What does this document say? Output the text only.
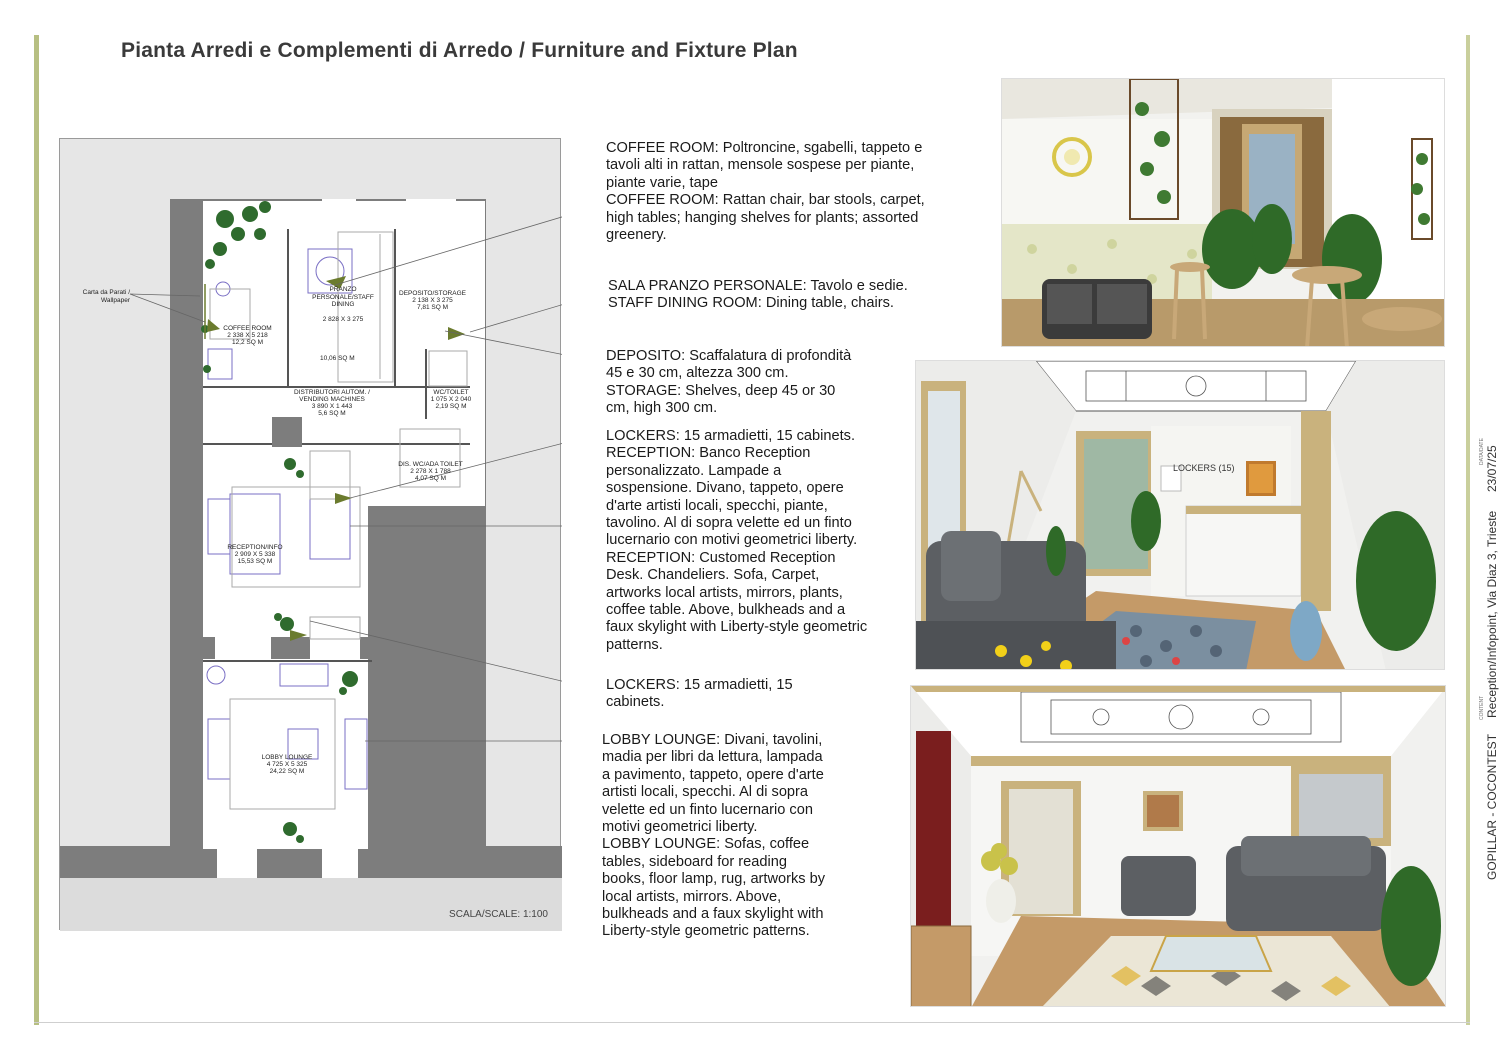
Pianta Arredi e Complementi di Arredo / Furniture and Fixture Plan
Carta da Parati /
Wallpaper
COFFEE ROOM
2 338 X 5 218
12,2 SQ M
PRANZO
PERSONALE/STAFF
DINING
2 828 X 3 275
DEPOSITO/STORAGE
2 138 X 3 275
7,81 SQ M
10,06 SQ M
DISTRIBUTORI AUTOM. /
VENDING MACHINES
3 890 X 1 443
5,6 SQ M
WC/TOILET
1 075 X 2 040
2,19 SQ M
DIS. WC/ADA TOILET
2 278 X 1 788
4,07 SQ M
RECEPTION/INFO
2 909 X 5 338
15,53 SQ M
LOBBY LOUNGE
4 725 X 5 325
24,22 SQ M
SCALA/SCALE: 1:100
COFFEE ROOM: Poltroncine, sgabelli, tappeto e
tavoli alti in rattan, mensole sospese per piante,
piante varie, tape
COFFEE ROOM: Rattan chair, bar stools, carpet,
high tables; hanging shelves for plants; assorted
greenery.
SALA PRANZO PERSONALE: Tavolo e sedie.
STAFF DINING ROOM: Dining table, chairs.
DEPOSITO: Scaffalatura di profondità
45 e 30 cm, altezza 300 cm.
STORAGE: Shelves, deep 45 or 30
cm, high 300 cm.
LOCKERS: 15 armadietti, 15 cabinets.
RECEPTION: Banco Reception
personalizzato. Lampade a
sospensione. Divano, tappeto, opere
d'arte artisti locali, specchi, piante,
tavolino. Al di sopra velette ed un finto
lucernario con motivi geometrici liberty.
RECEPTION: Customed Reception
Desk. Chandeliers. Sofa, Carpet,
artworks local artists, mirrors, plants,
coffee table. Above, bulkheads and a
faux skylight with Liberty-style geometric
patterns.
LOCKERS: 15 armadietti, 15
cabinets.
LOBBY LOUNGE: Divani, tavolini,
madia per libri da lettura, lampada
a pavimento, tappeto, opere d'arte
artisti locali, specchi. Al di sopra
velette ed un finto lucernario con
motivi geometrici liberty.
LOBBY LOUNGE: Sofas, coffee
tables, sideboard for reading
books, floor lamp, rug, artworks by
local artists, mirrors. Above,
bulkheads and a faux skylight with
Liberty-style geometric patterns.
LOCKERS (15)
GOPILLAR - COCONTEST
CONTENT Reception/Infopoint, Via Diaz 3, Trieste
DATA/DATE 23/07/25
